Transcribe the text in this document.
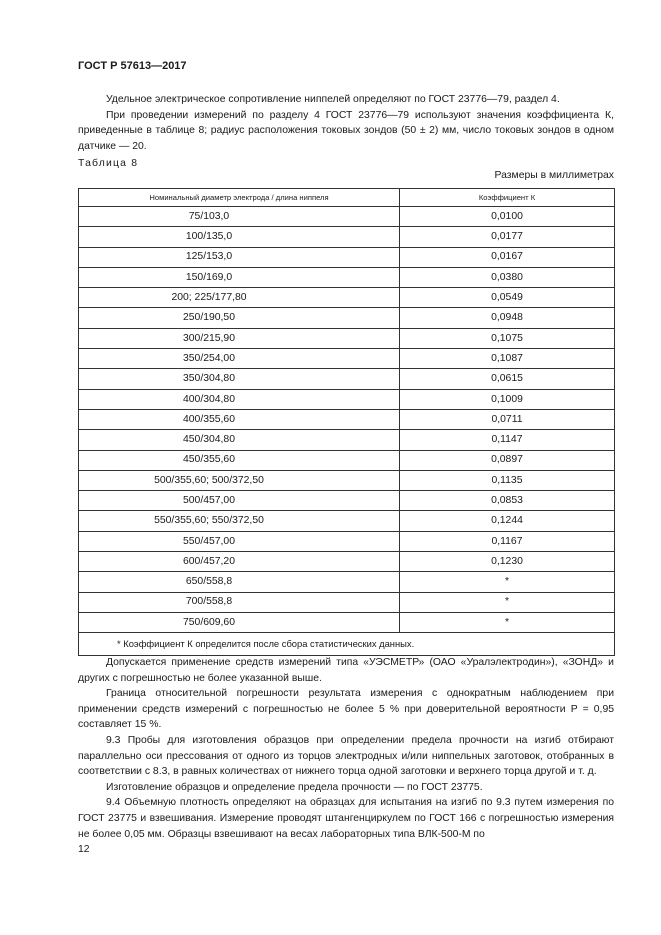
ГОСТ Р 57613—2017

Удельное электрическое сопротивление ниппелей определяют по ГОСТ 23776—79, раздел 4.

При проведении измерений по разделу 4 ГОСТ 23776—79 используют значения коэффициента К, приведенные в таблице 8; радиус расположения токовых зондов (50 ± 2) мм, число токовых зондов в одном датчике — 20.

Таблица 8
Размеры в миллиметрах
Номинальный диаметр электрода / длина ниппеля	Коэффициент К
75/103,0	0,0100
100/135,0	0,0177
125/153,0	0,0167
150/169,0	0,0380
200; 225/177,80	0,0549
250/190,50	0,0948
300/215,90	0,1075
350/254,00	0,1087
350/304,80	0,0615
400/304,80	0,1009
400/355,60	0,0711
450/304,80	0,1147
450/355,60	0,0897
500/355,60; 500/372,50	0,1135
500/457,00	0,0853
550/355,60; 550/372,50	0,1244
550/457,00	0,1167
600/457,20	0,1230
650/558,8	*
700/558,8	*
750/609,60	*
* Коэффициент К определится после сбора статистических данных.	

Допускается применение средств измерений типа «УЭСМЕТР» (ОАО «Уралэлектродин»), «ЗОНД» и других с погрешностью не более указанной выше.

Граница относительной погрешности результата измерения с однократным наблюдением при применении средств измерений с погрешностью не более 5 % при доверительной вероятности P = 0,95 составляет 15 %.

9.3 Пробы для изготовления образцов при определении предела прочности на изгиб отбирают параллельно оси прессования от одного из торцов электродных и/или ниппельных заготовок, отобранных в соответствии с 8.3, в равных количествах от нижнего торца одной заготовки и верхнего торца другой и т. д.

Изготовление образцов и определение предела прочности — по ГОСТ 23775.

9.4 Объемную плотность определяют на образцах для испытания на изгиб по 9.3 путем измерения по ГОСТ 23775 и взвешивания. Измерение проводят штангенциркулем по ГОСТ 166 с погрешностью измерения не более 0,05 мм. Образцы взвешивают на весах лабораторных типа ВЛК-500-М по

12
